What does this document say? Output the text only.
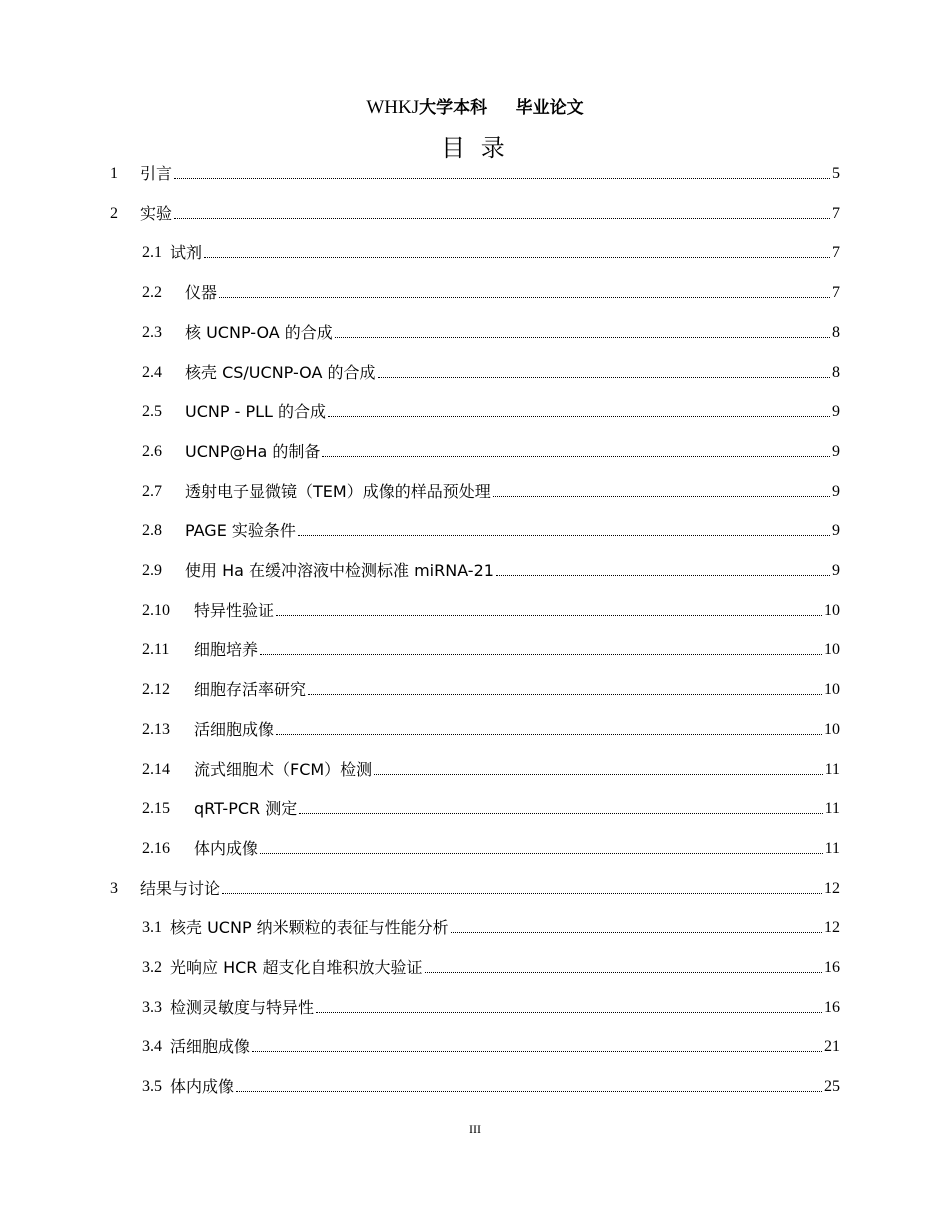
WHKJ大学本科 毕业论文
目 录
1	引言	5
2	实验	7
2.1 试剂	7
2.2	仪器	7
2.3	核 UCNP-OA 的合成	8
2.4	核壳 CS/UCNP-OA 的合成	8
2.5	UCNP - PLL 的合成	9
2.6	UCNP@Ha 的制备	9
2.7	透射电子显微镜（TEM）成像的样品预处理	9
2.8	PAGE 实验条件	9
2.9	使用 Ha 在缓冲溶液中检测标准 miRNA-21	9
2.10	特异性验证	10
2.11	细胞培养	10
2.12	细胞存活率研究	10
2.13	活细胞成像	10
2.14	流式细胞术（FCM）检测	11
2.15	qRT-PCR 测定	11
2.16	体内成像	11
3	结果与讨论	12
3.1 核壳 UCNP 纳米颗粒的表征与性能分析	12
3.2 光响应 HCR 超支化自堆积放大验证	16
3.3 检测灵敏度与特异性	16
3.4 活细胞成像	21
3.5 体内成像	25
III
